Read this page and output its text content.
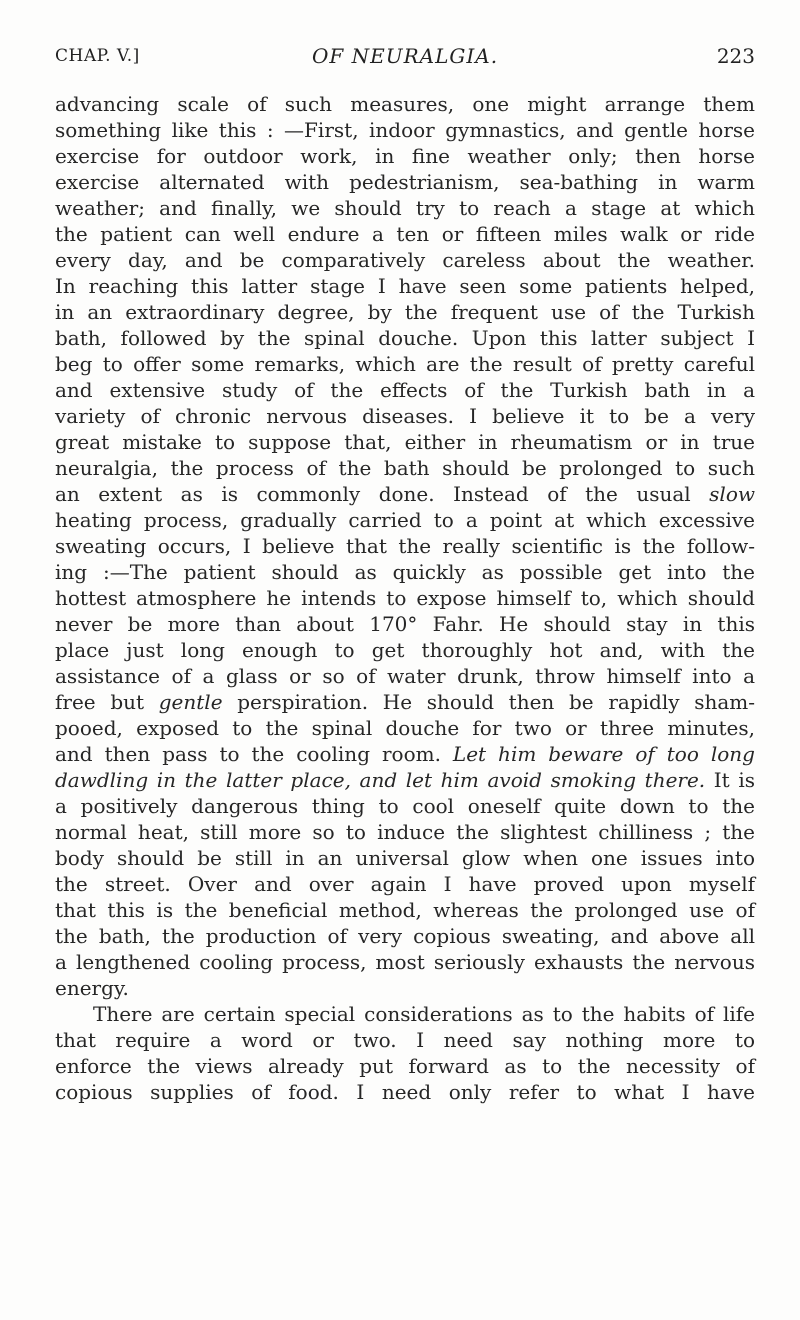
CHAP. V.]	OF NEURALGIA.	223

advancing scale of such measures, one might arrange them
something like this : —First, indoor gymnastics, and gentle horse
exercise for outdoor work, in fine weather only; then horse
exercise alternated with pedestrianism, sea-bathing in warm
weather; and finally, we should try to reach a stage at which
the patient can well endure a ten or fifteen miles walk or ride
every day, and be comparatively careless about the weather.
In reaching this latter stage I have seen some patients helped,
in an extraordinary degree, by the frequent use of the Turkish
bath, followed by the spinal douche. Upon this latter subject I
beg to offer some remarks, which are the result of pretty careful
and extensive study of the effects of the Turkish bath in a
variety of chronic nervous diseases. I believe it to be a very
great mistake to suppose that, either in rheumatism or in true
neuralgia, the process of the bath should be prolonged to such
an extent as is commonly done. Instead of the usual slow
heating process, gradually carried to a point at which excessive
sweating occurs, I believe that the really scientific is the follow-
ing :—The patient should as quickly as possible get into the
hottest atmosphere he intends to expose himself to, which should
never be more than about 170° Fahr. He should stay in this
place just long enough to get thoroughly hot and, with the
assistance of a glass or so of water drunk, throw himself into a
free but gentle perspiration. He should then be rapidly sham-
pooed, exposed to the spinal douche for two or three minutes,
and then pass to the cooling room. Let him beware of too long
dawdling in the latter place, and let him avoid smoking there. It is
a positively dangerous thing to cool oneself quite down to the
normal heat, still more so to induce the slightest chilliness ; the
body should be still in an universal glow when one issues into
the street. Over and over again I have proved upon myself
that this is the beneficial method, whereas the prolonged use of
the bath, the production of very copious sweating, and above all
a lengthened cooling process, most seriously exhausts the nervous
energy.

There are certain special considerations as to the habits of life
that require a word or two. I need say nothing more to
enforce the views already put forward as to the necessity of
copious supplies of food. I need only refer to what I have
